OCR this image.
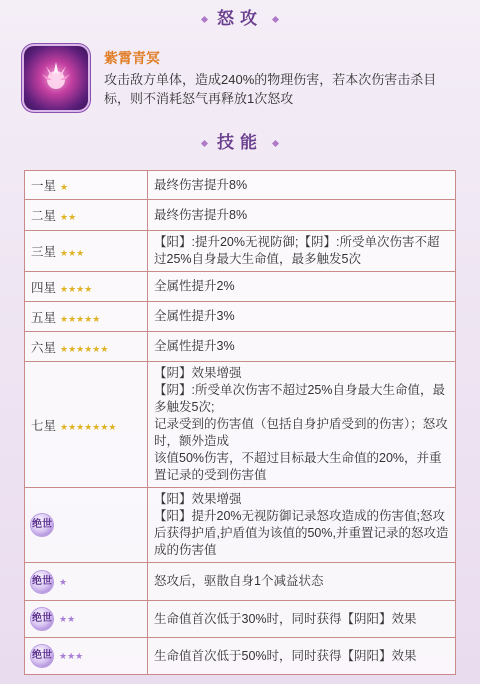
怒攻
紫霄青冥
攻击敌方单体，造成240%的物理伤害，若本次伤害击杀目标，则不消耗怒气再释放1次怒攻
技能
一星 ★	最终伤害提升8%
二星 ★★	最终伤害提升8%
三星 ★★★	【阳】:提升20%无视防御;【阴】:所受单次伤害不超过25%自身最大生命值，最多触发5次
四星 ★★★★	全属性提升2%
五星 ★★★★★	全属性提升3%
六星 ★★★★★★	全属性提升3%
七星 ★★★★★★★	【阴】效果增强
【阴】:所受单次伤害不超过25%自身最大生命值，最多触发5次;
记录受到的伤害值（包括自身护盾受到的伤害）；怒攻时，额外造成
该值50%伤害，不超过目标最大生命值的20%，并重置记录的受到伤害值
绝世	【阳】效果增强
【阳】提升20%无视防御记录怒攻造成的伤害值;怒攻后获得护盾,护盾值为该值的50%,并重置记录的怒攻造成的伤害值
绝世 ★	怒攻后，驱散自身1个减益状态
绝世 ★★	生命值首次低于30%时，同时获得【阴阳】效果
绝世 ★★★	生命值首次低于50%时，同时获得【阴阳】效果
